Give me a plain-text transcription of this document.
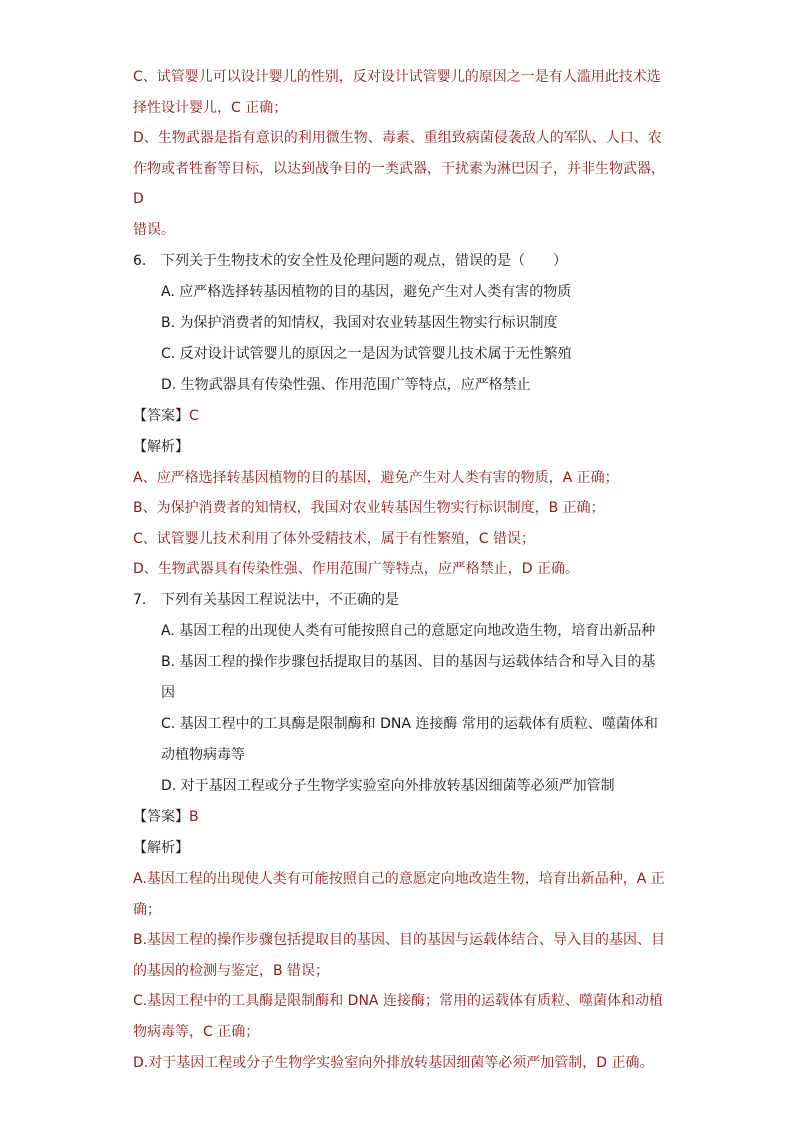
C、试管婴儿可以设计婴儿的性别，反对设计试管婴儿的原因之一是有人滥用此技术选

择性设计婴儿，C 正确；

D、生物武器是指有意识的利用微生物、毒素、重组致病菌侵袭敌人的军队、人口、农

作物或者牲畜等目标，以达到战争目的一类武器，干扰素为淋巴因子，并非生物武器，D

错误。

6.	下列关于生物技术的安全性及伦理问题的观点，错误的是（　　）

A. 应严格选择转基因植物的目的基因，避免产生对人类有害的物质

B. 为保护消费者的知情权，我国对农业转基因生物实行标识制度

C. 反对设计试管婴儿的原因之一是因为试管婴儿技术属于无性繁殖

D. 生物武器具有传染性强、作用范围广等特点，应严格禁止

【答案】C

【解析】

A、应严格选择转基因植物的目的基因，避免产生对人类有害的物质，A 正确；

B、为保护消费者的知情权，我国对农业转基因生物实行标识制度，B 正确；

C、试管婴儿技术利用了体外受精技术，属于有性繁殖，C 错误；

D、生物武器具有传染性强、作用范围广等特点，应严格禁止，D 正确。

7.	下列有关基因工程说法中，不正确的是

A. 基因工程的出现使人类有可能按照自己的意愿定向地改造生物，培育出新品种

B. 基因工程的操作步骤包括提取目的基因、目的基因与运载体结合和导入目的基

因

C. 基因工程中的工具酶是限制酶和 DNA 连接酶 常用的运载体有质粒、噬菌体和

动植物病毒等

D. 对于基因工程或分子生物学实验室向外排放转基因细菌等必须严加管制

【答案】B

【解析】

A.基因工程的出现使人类有可能按照自己的意愿定向地改造生物，培育出新品种，A 正

确；

B.基因工程的操作步骤包括提取目的基因、目的基因与运载体结合、导入目的基因、目

的基因的检测与鉴定，B 错误；

C.基因工程中的工具酶是限制酶和 DNA 连接酶；常用的运载体有质粒、噬菌体和动植

物病毒等，C 正确；

D.对于基因工程或分子生物学实验室向外排放转基因细菌等必须严加管制，D 正确。
